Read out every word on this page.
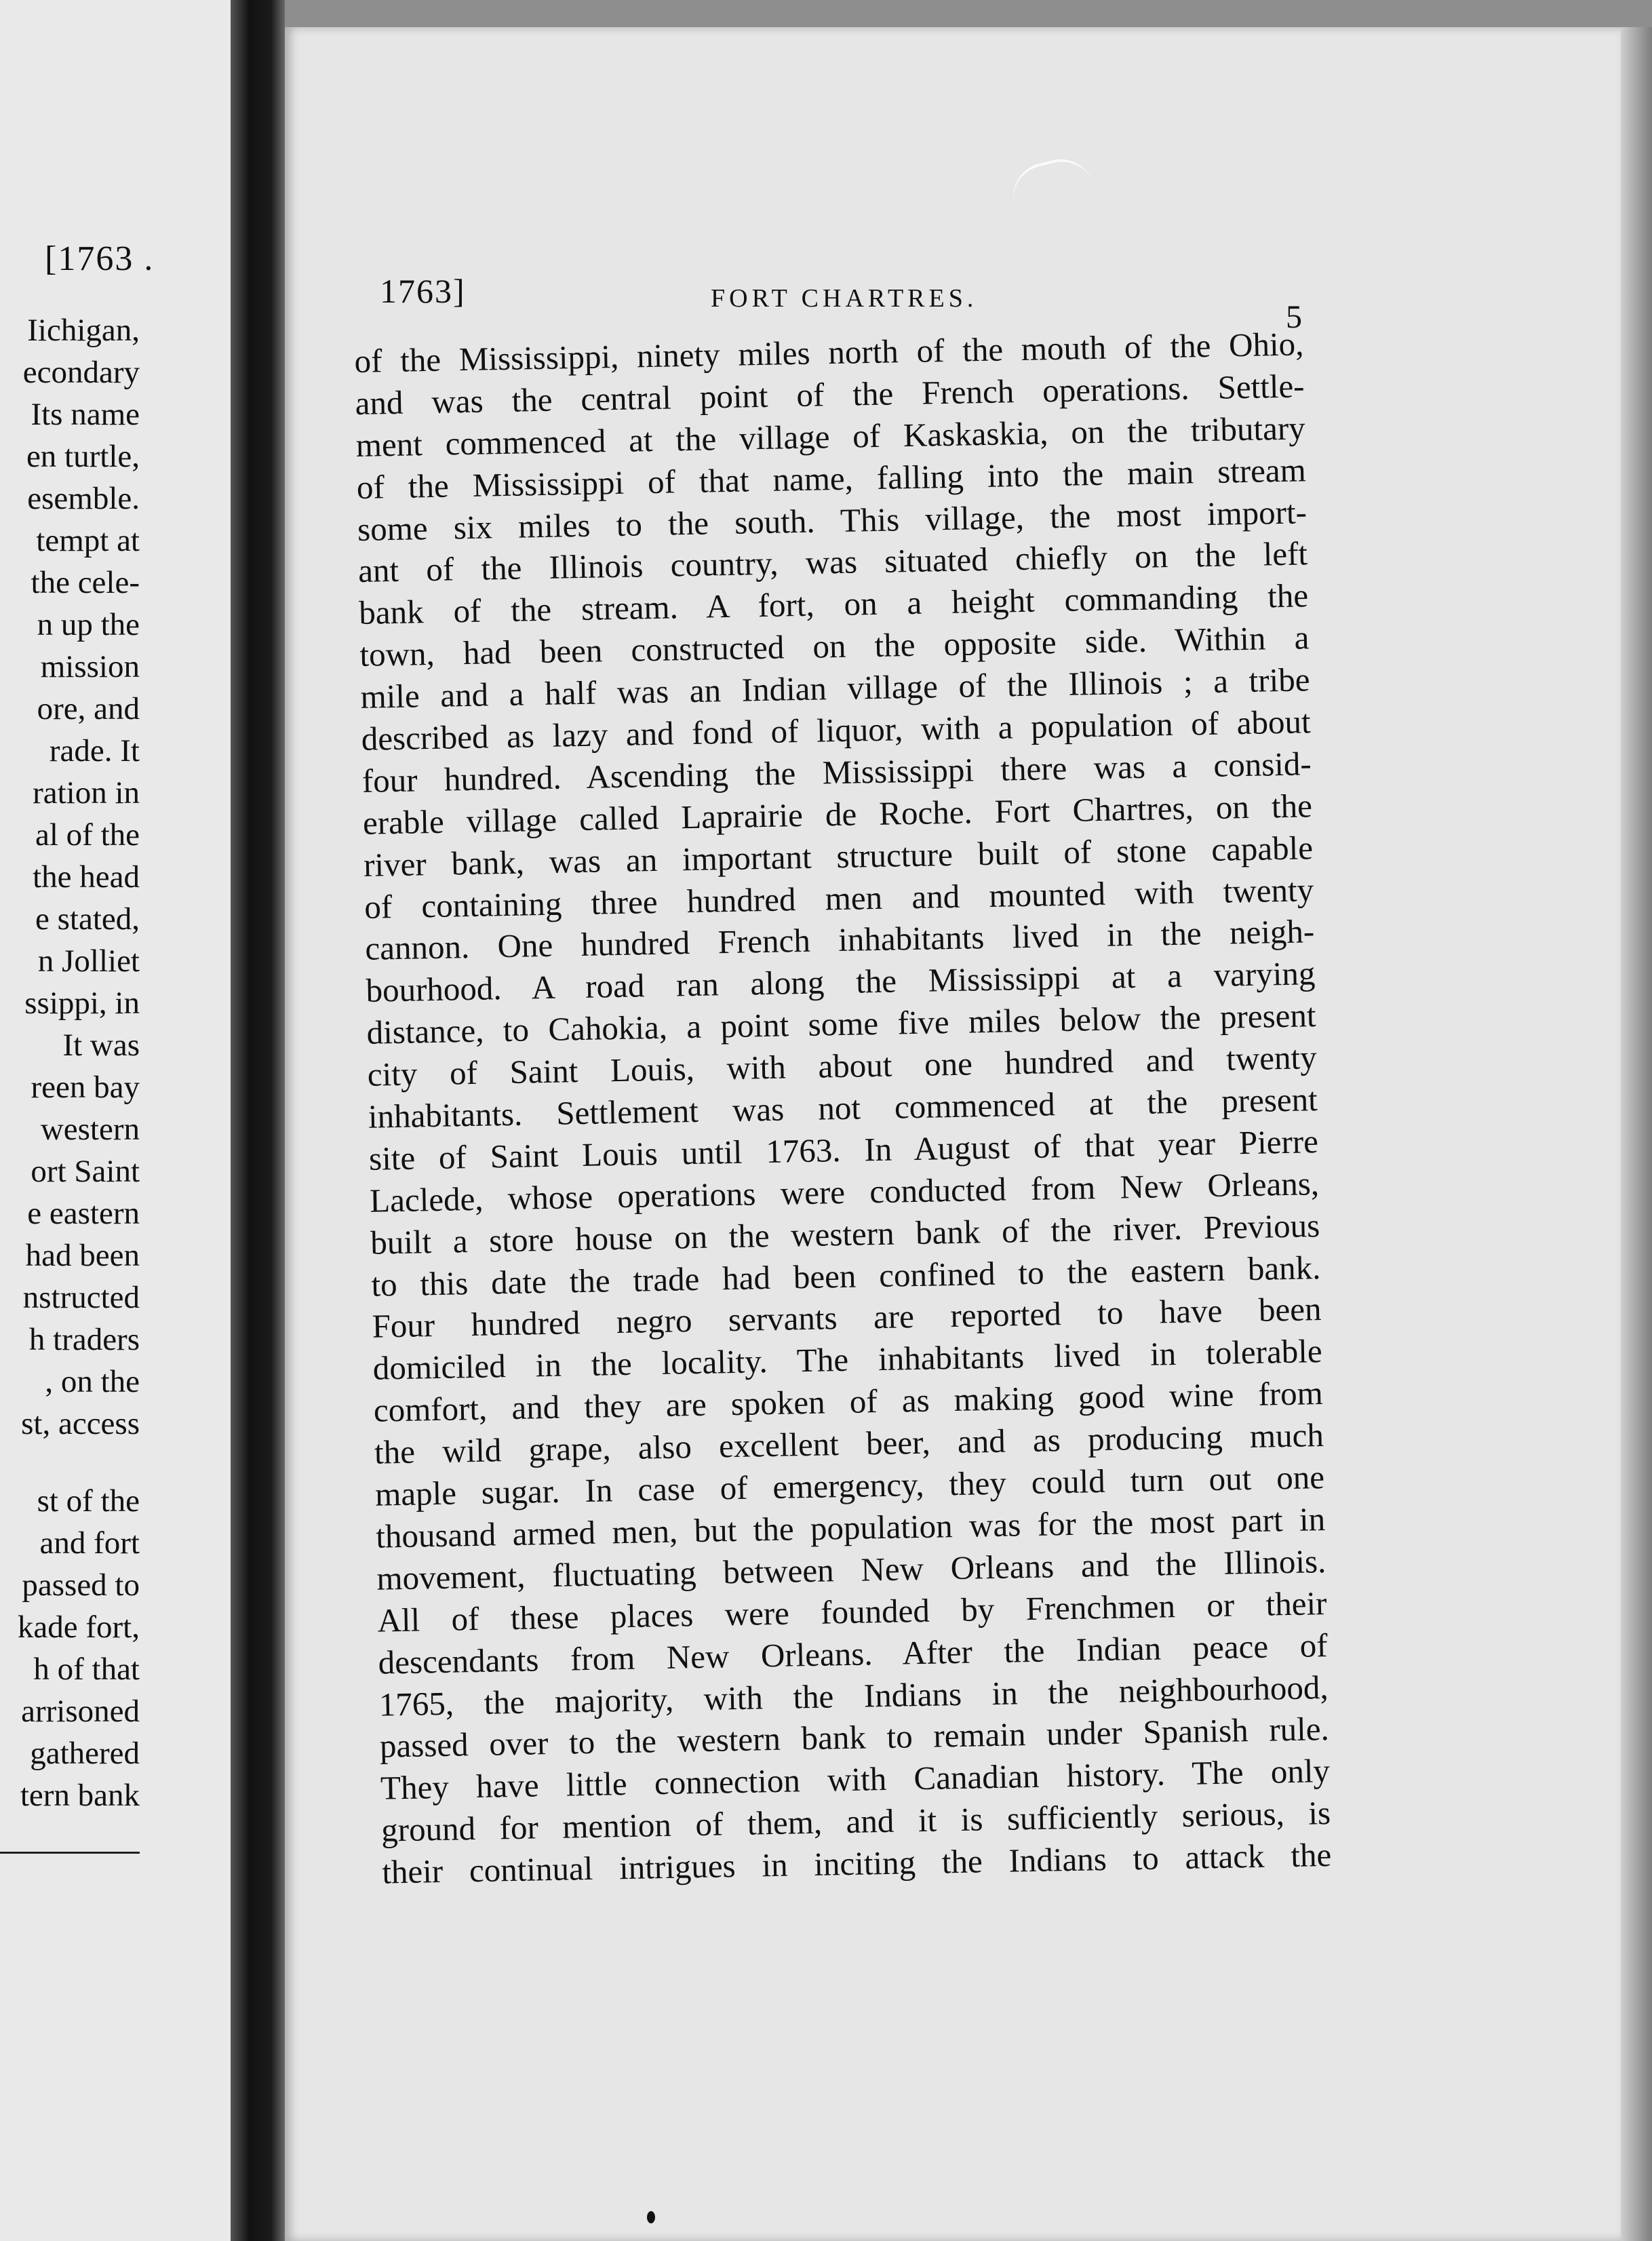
[1763 .
Iichigan,
econdary
Its name
en turtle,
esemble.
tempt at
the cele-
n up the
mission
ore, and
rade. It
ration in
al of the
the head
e stated,
n Jolliet
ssippi, in
It was
reen bay
western
ort Saint
e eastern
had been
nstructed
h traders
, on the
st, access
st of the
and fort
passed to
kade fort,
h of that
arrisoned
gathered
tern bank
1763]	FORT CHARTRES.
5
of the Mississippi, ninety miles north of the mouth of the Ohio,
and was the central point of the French operations. Settle-
ment commenced at the village of Kaskaskia, on the tributary
of the Mississippi of that name, falling into the main stream
some six miles to the south. This village, the most import-
ant of the Illinois country, was situated chiefly on the left
bank of the stream. A fort, on a height commanding the
town, had been constructed on the opposite side. Within a
mile and a half was an Indian village of the Illinois ; a tribe
described as lazy and fond of liquor, with a population of about
four hundred. Ascending the Mississippi there was a consid-
erable village called Laprairie de Roche. Fort Chartres, on the
river bank, was an important structure built of stone capable
of containing three hundred men and mounted with twenty
cannon. One hundred French inhabitants lived in the neigh-
bourhood. A road ran along the Mississippi at a varying
distance, to Cahokia, a point some five miles below the present
city of Saint Louis, with about one hundred and twenty
inhabitants. Settlement was not commenced at the present
site of Saint Louis until 1763. In August of that year Pierre
Laclede, whose operations were conducted from New Orleans,
built a store house on the western bank of the river. Previous
to this date the trade had been confined to the eastern bank.
Four hundred negro servants are reported to have been
domiciled in the locality. The inhabitants lived in tolerable
comfort, and they are spoken of as making good wine from
the wild grape, also excellent beer, and as producing much
maple sugar. In case of emergency, they could turn out one
thousand armed men, but the population was for the most part in
movement, fluctuating between New Orleans and the Illinois.
All of these places were founded by Frenchmen or their
descendants from New Orleans. After the Indian peace of
1765, the majority, with the Indians in the neighbourhood,
passed over to the western bank to remain under Spanish rule.
They have little connection with Canadian history. The only
ground for mention of them, and it is sufficiently serious, is
their continual intrigues in inciting the Indians to attack the
